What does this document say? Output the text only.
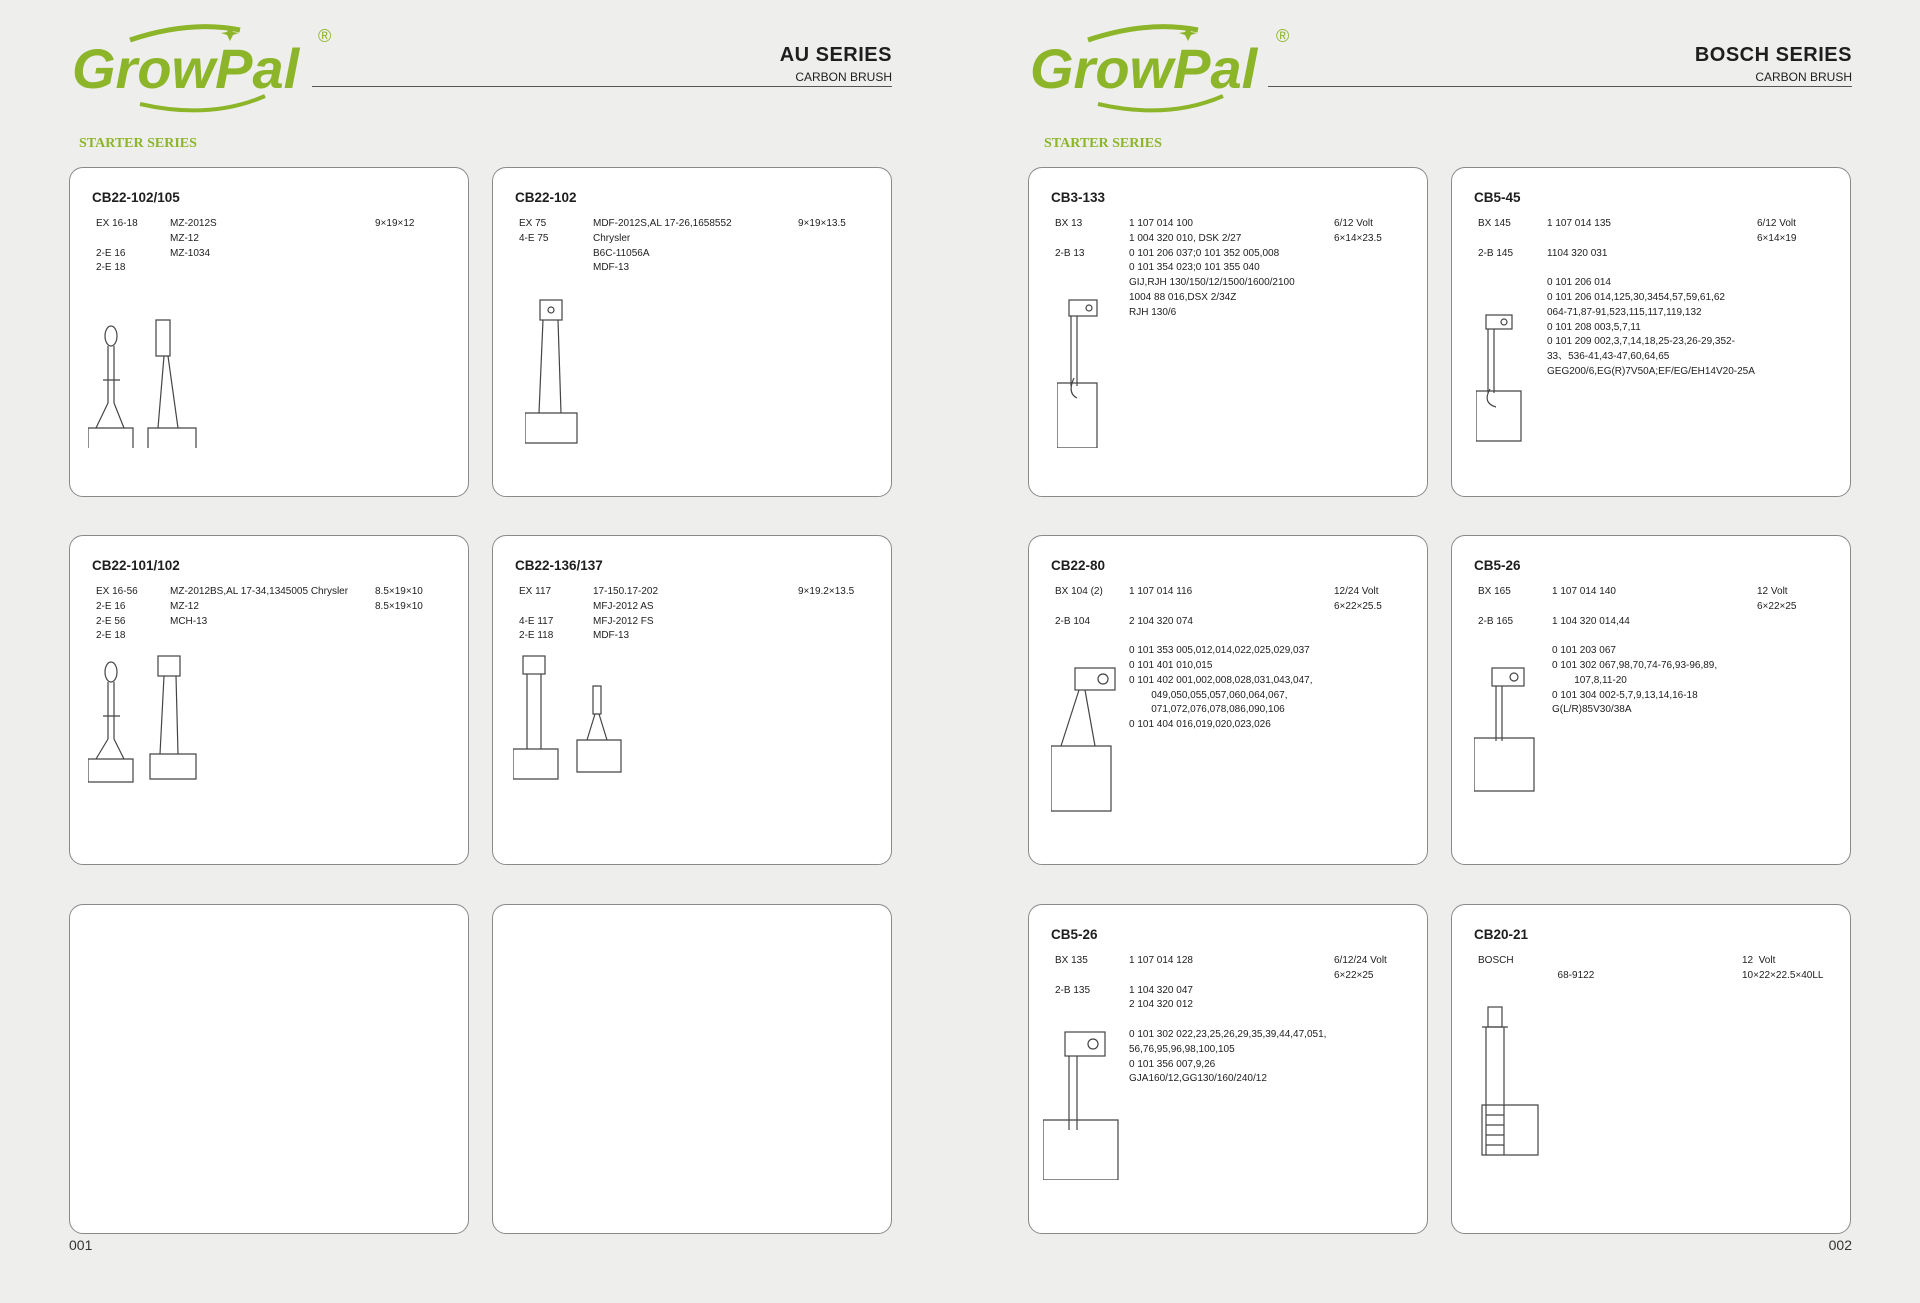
GrowPal
®
AU SERIES
CARBON BRUSH
STARTER SERIES
CB22-102/105
EX 16-18

2-E 16
2-E 18
MZ-2012S
MZ-12
MZ-1034
9×19×12
CB22-102
EX 75
4-E 75
MDF-2012S,AL 17-26,1658552
Chrysler
B6C-11056A
MDF-13
9×19×13.5
CB22-101/102
EX 16-56
2-E 16
2-E 56
2-E 18
MZ-2012BS,AL 17-34,1345005 Chrysler
MZ-12
MCH-13
8.5×19×10
8.5×19×10
CB22-136/137
EX 117

4-E 117
2-E 118
17-150.17-202
MFJ-2012 AS
MFJ-2012 FS
MDF-13
9×19.2×13.5
001
GrowPal
®
BOSCH SERIES
CARBON BRUSH
STARTER SERIES
CB3-133
BX 13

2-B 13
1 107 014 100
1 004 320 010, DSK 2/27
0 101 206 037;0 101 352 005,008
0 101 354 023;0 101 355 040
GIJ,RJH 130/150/12/1500/1600/2100
1004 88 016,DSX 2/34Z
RJH 130/6
6/12 Volt
6×14×23.5
CB5-45
BX 145

2-B 145
1 107 014 135

1104 320 031

0 101 206 014
0 101 206 014,125,30,3454,57,59,61,62
064-71,87-91,523,115,117,119,132
0 101 208 003,5,7,11
0 101 209 002,3,7,14,18,25-23,26-29,352-
33、536-41,43-47,60,64,65
GEG200/6,EG(R)7V50A;EF/EG/EH14V20-25A
6/12 Volt
6×14×19
CB22-80
BX 104 (2)

2-B 104
1 107 014 116

2 104 320 074

0 101 353 005,012,014,022,025,029,037
0 101 401 010,015
0 101 402 001,002,008,028,031,043,047,
049,050,055,057,060,064,067,
071,072,076,078,086,090,106
0 101 404 016,019,020,023,026
12/24 Volt
6×22×25.5
CB5-26
BX 165

2-B 165
1 107 014 140

1 104 320 014,44

0 101 203 067
0 101 302 067,98,70,74-76,93-96,89,
107,8,11-20
0 101 304 002-5,7,9,13,14,16-18
G(L/R)85V30/38A
12 Volt
6×22×25
CB5-26
BX 135

2-B 135
1 107 014 128

1 104 320 047
2 104 320 012

0 101 302 022,23,25,26,29,35,39,44,47,051,
56,76,95,96,98,100,105
0 101 356 007,9,26
GJA160/12,GG130/160/240/12
6/12/24 Volt
6×22×25
CB20-21
BOSCH

68-9122
12  Volt
10×22×22.5×40LL
002
